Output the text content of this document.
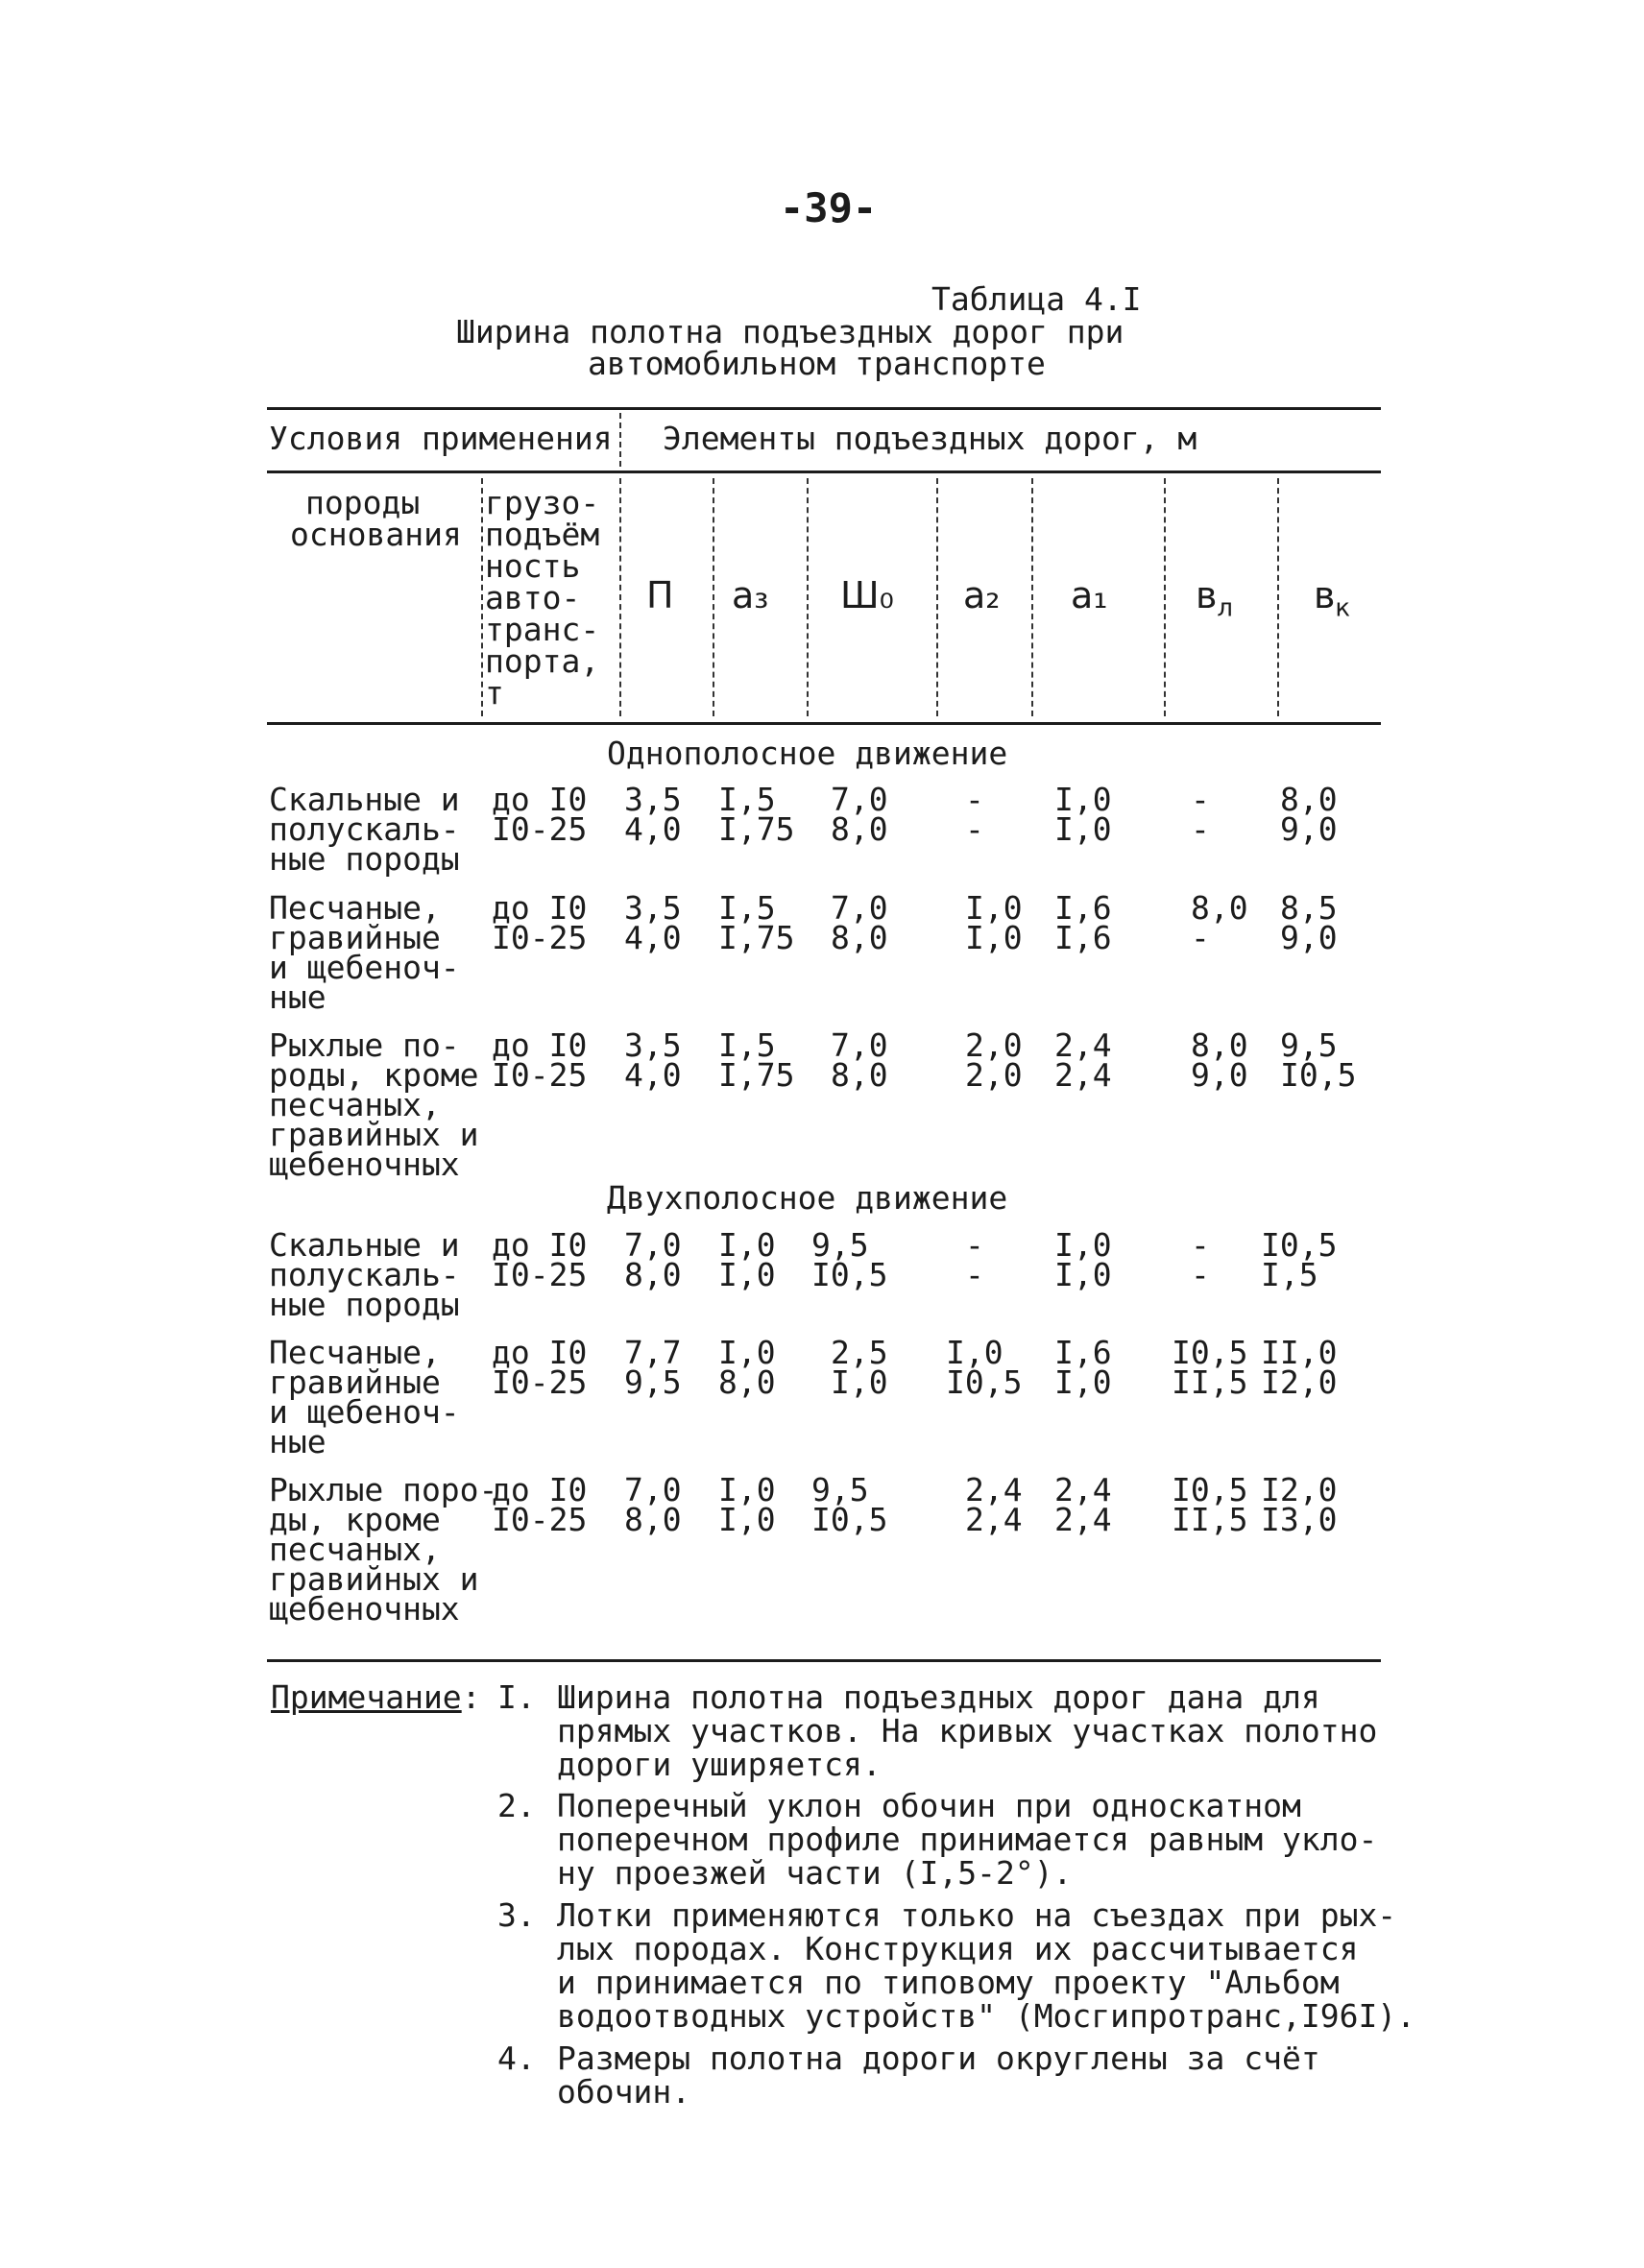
-39-
Таблица 4.I
Ширина полотна подъездных дорог при
автомобильном транспорте
Условия применения Элементы подъездных дорог, м
породы
основания
грузо-
подъём
ность
авто-
транс-
порта,
т
П a₃ Ш₀ a₂ a₁ $в_л$ $в_к$
Однополосное движение
Скальные и
полускаль-
ные породы
до I0
I0-25
3,5
4,0
I,5
I,75
7,0
8,0
-
-
I,0
I,0
-
-
8,0
9,0
Песчаные,
гравийные
и щебеноч-
ные
до I0
I0-25
3,5
4,0
I,5
I,75
7,0
8,0
I,0
I,0
I,6
I,6
8,0
-
8,5
9,0
Рыхлые по-
роды, кроме
песчаных,
гравийных и
щебеночных
до I0
I0-25
3,5
4,0
I,5
I,75
7,0
8,0
2,0
2,0
2,4
2,4
8,0
9,0
9,5
I0,5
Двухполосное движение
Скальные и
полускаль-
ные породы
до I0
I0-25
7,0
8,0
I,0
I,0
9,5
I0,5
-
-
I,0
I,0
-
-
I0,5
I,5
Песчаные,
гравийные
и щебеноч-
ные
до I0
I0-25
7,7
9,5
I,0
8,0
2,5
I,0
I,0
I0,5
I,6
I,0
I0,5
II,5
II,0
I2,0
Рыхлые поро-
ды, кроме
песчаных,
гравийных и
щебеночных
до I0
I0-25
7,0
8,0
I,0
I,0
9,5
I0,5
2,4
2,4
2,4
2,4
I0,5
II,5
I2,0
I3,0
Примечание: I. Ширина полотна подъездных дорог дана для
прямых участков. На кривых участках полотно
дороги уширяется.
2. Поперечный уклон обочин при односкатном
поперечном профиле принимается равным укло-
ну проезжей части (I,5-2°).
3. Лотки применяются только на съездах при рых-
лых породах. Конструкция их рассчитывается
и принимается по типовому проекту "Альбом
водоотводных устройств" (Мосгипротранс,I96I).
4. Размеры полотна дороги округлены за счёт
обочин.
